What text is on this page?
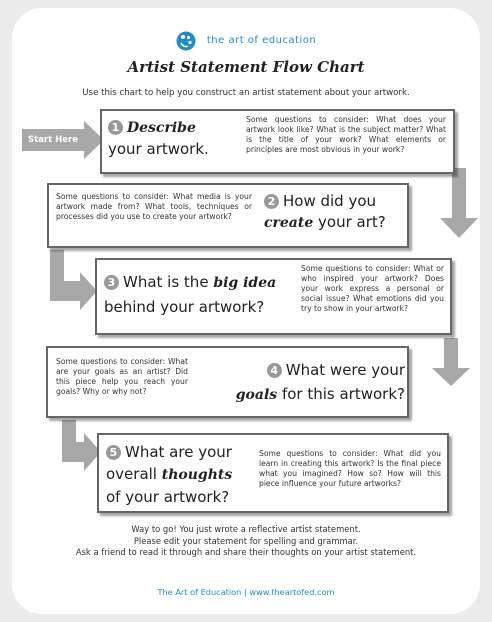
the art of education
Artist Statement Flow Chart
Use this chart to help you construct an artist statement about your artwork.
Start Here
1 Describe
your artwork.
Some questions to consider: What does your artwork look like? What is the subject matter? What is the title of your work? What elements or principles are most obvious in your work?
Some questions to consider: What media is your artwork made from? What tools, techniques or processes did you use to create your artwork?
2 How did you
create your art?
3 What is the big idea
behind your artwork?
Some questions to consider: What or who inspired your artwork? Does your work express a personal or social issue? What emotions did you try to show in your artwork?
Some questions to consider: What are your goals as an artist? Did this piece help you reach your goals? Why or why not?
4 What were your
goals for this artwork?
5 What are your
overall thoughts
of your artwork?
Some questions to consider: What did you learn in creating this artwork? Is the final piece what you imagined? How so? How will this piece influence your future artworks?
Way to go! You just wrote a reflective artist statement.
Please edit your statement for spelling and grammar.
Ask a friend to read it through and share their thoughts on your artist statement.
The Art of Education | www.theartofed.com
